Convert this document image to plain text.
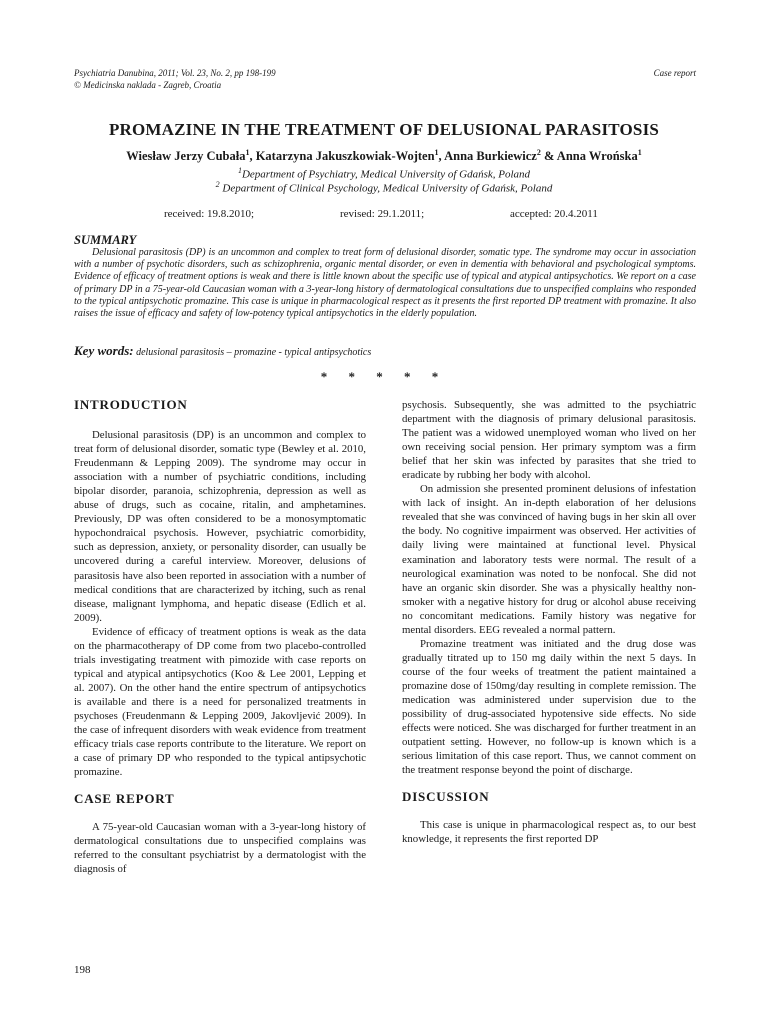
Psychiatria Danubina, 2011; Vol. 23, No. 2, pp 198-199
© Medicinska naklada - Zagreb, Croatia
Case report
PROMAZINE IN THE TREATMENT OF DELUSIONAL PARASITOSIS
Wiesław Jerzy Cubała$^1$, Katarzyna Jakuszkowiak-Wojten$^1$, Anna Burkiewicz$^2$ & Anna Wrońska$^1$
$^1$Department of Psychiatry, Medical University of Gdańsk, Poland
$^2$ Department of Clinical Psychology, Medical University of Gdańsk, Poland
received: 19.8.2010;	revised: 29.1.2011;	accepted: 20.4.2011
SUMMARY

Delusional parasitosis (DP) is an uncommon and complex to treat form of delusional disorder, somatic type. The syndrome may occur in association with a number of psychotic disorders, such as schizophrenia, organic mental disorder, or even in dementia with behavioral and psychological symptoms. Evidence of efficacy of treatment options is weak and there is little known about the specific use of typical and atypical antipsychotics. We report on a case of primary DP in a 75-year-old Caucasian woman with a 3-year-long history of dermatological consultations due to unspecified complains who responded to the typical antipsychotic promazine. This case is unique in pharmacological respect as it presents the first reported DP treatment with promazine. It also raises the issue of efficacy and safety of low-potency typical antipsychotics in the elderly population.

Key words: delusional parasitosis – promazine - typical antipsychotics
* * * * *
INTRODUCTION

Delusional parasitosis (DP) is an uncommon and complex to treat form of delusional disorder, somatic type (Bewley et al. 2010, Freudenmann & Lepping 2009). The syndrome may occur in association with a number of psychiatric conditions, including bipolar disorder, paranoia, schizophrenia, depression as well as abuse of drugs, such as cocaine, ritalin, and amphetamines. Previously, DP was often considered to be a monosymptomatic hypochondraical psychosis. However, psychiatric comorbidity, such as depression, anxiety, or personality disorder, can usually be uncovered during a careful interview. Moreover, delusions of parasitosis have also been reported in association with a number of medical conditions that are characterized by itching, such as renal disease, malignant lymphoma, and hepatic disease (Edlich et al. 2009).

Evidence of efficacy of treatment options is weak as the data on the pharmacotherapy of DP come from two placebo-controlled trials investigating treatment with pimozide with case reports on typical and atypical antipsychotics (Koo & Lee 2001, Lepping et al. 2007). On the other hand the entire spectrum of antipsychotics is available and there is a need for personalized treatments in psychoses (Freudenmann & Lepping 2009, Jakovljević 2009). In the case of infrequent disorders with weak evidence from treatment efficacy trials case reports contribute to the literature. We report on a case of primary DP who responded to the typical antipsychotic promazine.

CASE REPORT

A 75-year-old Caucasian woman with a 3-year-long history of dermatological consultations due to unspecified complains was referred to the consultant psychiatrist by a dermatologist with the diagnosis of

psychosis. Subsequently, she was admitted to the psychiatric department with the diagnosis of primary delusional parasitosis. The patient was a widowed unemployed woman who lived on her own receiving social pension. Her primary symptom was a firm belief that her skin was infected by parasites that she tried to eradicate by rubbing her body with alcohol.

On admission she presented prominent delusions of infestation with lack of insight. An in-depth elaboration of her delusions revealed that she was convinced of having bugs in her skin all over the body. No cognitive impairment was observed. Her activities of daily living were maintained at functional level. Physical examination and laboratory tests were normal. The result of a neurological examination was noted to be nonfocal. She did not have an organic skin disorder. She was a physically healthy non-smoker with a negative history for drug or alcohol abuse receiving no concomitant medications. Family history was negative for mental disorders. EEG revealed a normal pattern.

Promazine treatment was initiated and the drug dose was gradually titrated up to 150 mg daily within the next 5 days. In course of the four weeks of treatment the patient maintained a promazine dose of 150mg/day resulting in complete remission. The medication was administered under supervision due to the possibility of drug-associated hypotensive side effects. No side effects were noticed. She was discharged for further treatment in an outpatient setting. However, no follow-up is known which is a serious limitation of this case report. Thus, we cannot comment on the treatment response beyond the point of discharge.

DISCUSSION

This case is unique in pharmacological respect as, to our best knowledge, it represents the first reported DP

198
